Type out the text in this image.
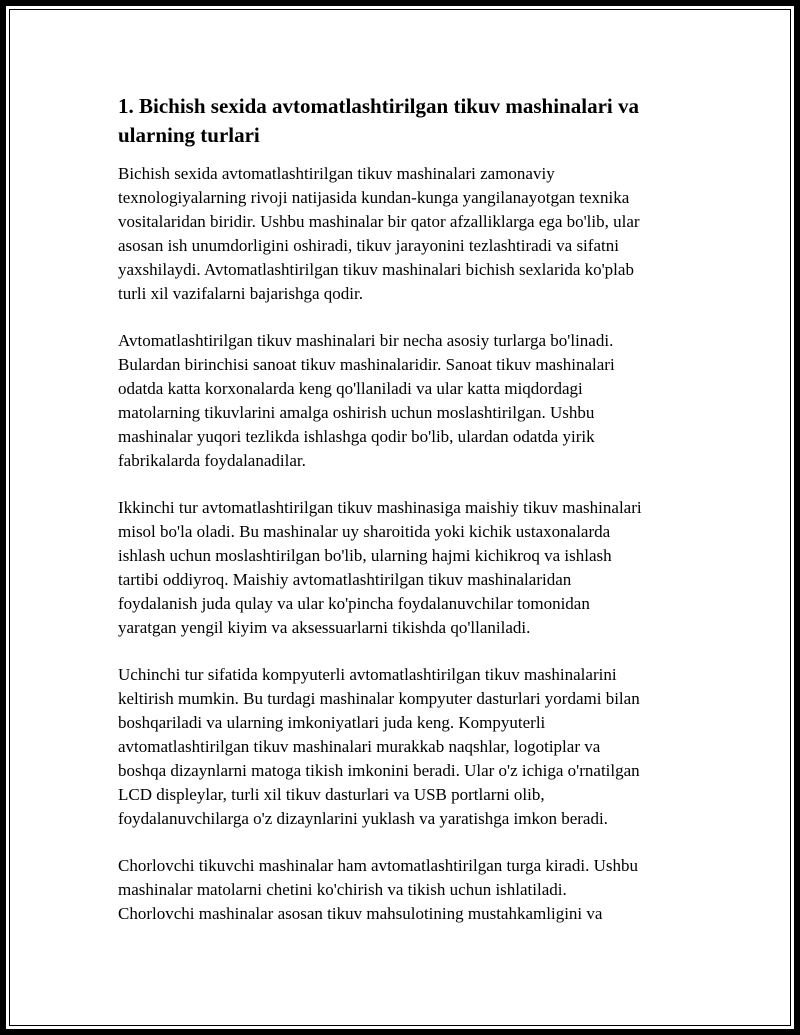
1. Bichish sexida avtomatlashtirilgan tikuv mashinalari va
ularning turlari

Bichish sexida avtomatlashtirilgan tikuv mashinalari zamonaviy
texnologiyalarning rivoji natijasida kundan-kunga yangilanayotgan texnika
vositalaridan biridir. Ushbu mashinalar bir qator afzalliklarga ega bo'lib, ular
asosan ish unumdorligini oshiradi, tikuv jarayonini tezlashtiradi va sifatni
yaxshilaydi. Avtomatlashtirilgan tikuv mashinalari bichish sexlarida ko'plab
turli xil vazifalarni bajarishga qodir.

Avtomatlashtirilgan tikuv mashinalari bir necha asosiy turlarga bo'linadi.
Bulardan birinchisi sanoat tikuv mashinalaridir. Sanoat tikuv mashinalari
odatda katta korxonalarda keng qo'llaniladi va ular katta miqdordagi
matolarning tikuvlarini amalga oshirish uchun moslashtirilgan. Ushbu
mashinalar yuqori tezlikda ishlashga qodir bo'lib, ulardan odatda yirik
fabrikalarda foydalanadilar.

Ikkinchi tur avtomatlashtirilgan tikuv mashinasiga maishiy tikuv mashinalari
misol bo'la oladi. Bu mashinalar uy sharoitida yoki kichik ustaxonalarda
ishlash uchun moslashtirilgan bo'lib, ularning hajmi kichikroq va ishlash
tartibi oddiyroq. Maishiy avtomatlashtirilgan tikuv mashinalaridan
foydalanish juda qulay va ular ko'pincha foydalanuvchilar tomonidan
yaratgan yengil kiyim va aksessuarlarni tikishda qo'llaniladi.

Uchinchi tur sifatida kompyuterli avtomatlashtirilgan tikuv mashinalarini
keltirish mumkin. Bu turdagi mashinalar kompyuter dasturlari yordami bilan
boshqariladi va ularning imkoniyatlari juda keng. Kompyuterli
avtomatlashtirilgan tikuv mashinalari murakkab naqshlar, logotiplar va
boshqa dizaynlarni matoga tikish imkonini beradi. Ular o'z ichiga o'rnatilgan
LCD displeylar, turli xil tikuv dasturlari va USB portlarni olib,
foydalanuvchilarga o'z dizaynlarini yuklash va yaratishga imkon beradi.

Chorlovchi tikuvchi mashinalar ham avtomatlashtirilgan turga kiradi. Ushbu
mashinalar matolarni chetini ko'chirish va tikish uchun ishlatiladi.
Chorlovchi mashinalar asosan tikuv mahsulotining mustahkamligini va
